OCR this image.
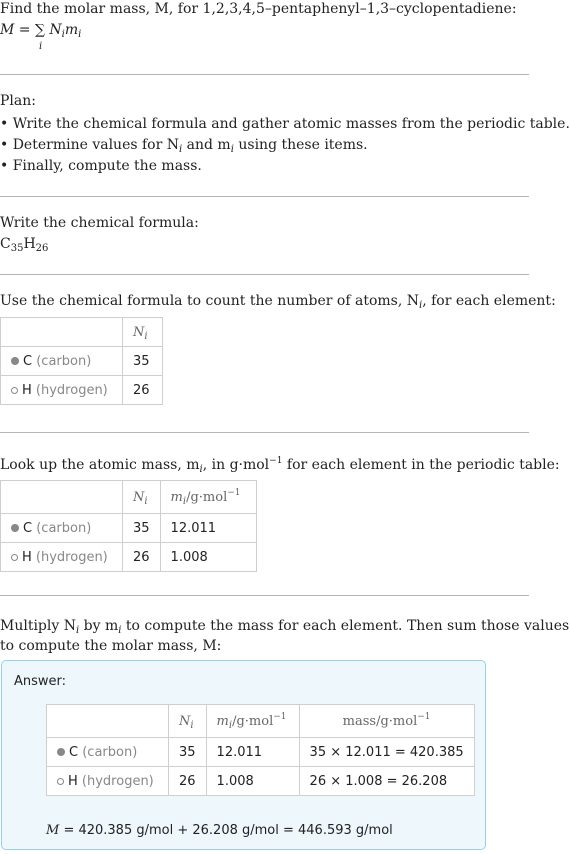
Find the molar mass, M, for 1,2,3,4,5–pentaphenyl–1,3–cyclopentadiene:
M = ∑ $N_im_i$
i
Plan:
• Write the chemical formula and gather atomic masses from the periodic table.
• Determine values for $N_i$ and $m_i$ using these items.
• Finally, compute the mass.
Write the chemical formula:
$C_{35}H_{26}$
Use the chemical formula to count the number of atoms, $N_i$, for each element:
	$N_i$
C (carbon)	35
H (hydrogen)	26
Look up the atomic mass, $m_i$, in g·mol$^{-1}$ for each element in the periodic table:
	$N_i$	$m_i/g\cdot mol^{-1}$
C (carbon)	35	12.011
H (hydrogen)	26	1.008
Multiply $N_i$ by $m_i$ to compute the mass for each element. Then sum those values
to compute the molar mass, M:
Answer:
	$N_i$	$m_i/g\cdot mol^{-1}$	mass/g·mol$^{-1}$
C (carbon)	35	12.011	35 × 12.011 = 420.385
H (hydrogen)	26	1.008	26 × 1.008 = 26.208
M = 420.385 g/mol + 26.208 g/mol = 446.593 g/mol
